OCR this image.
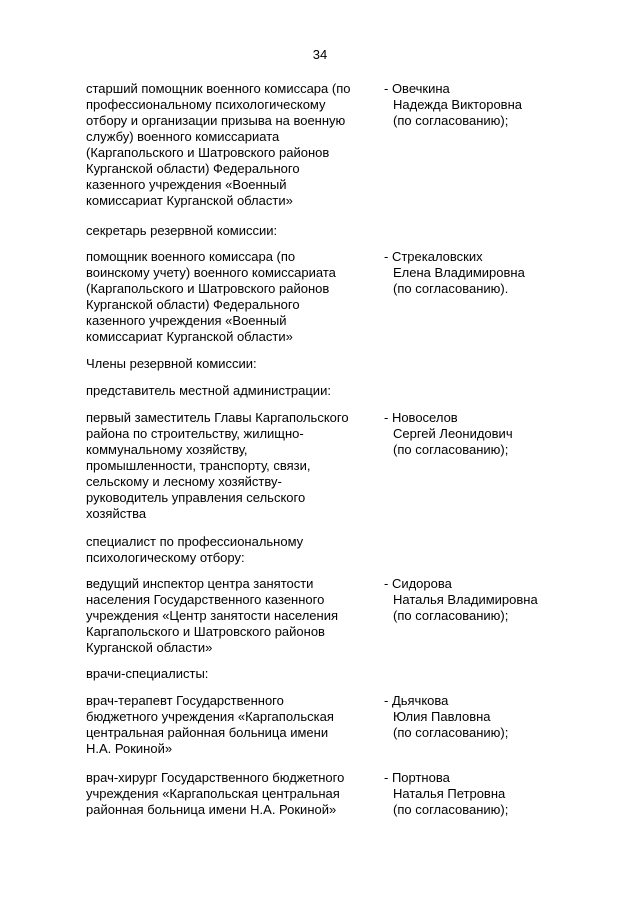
34
старший помощник военного комиссара (по
профессиональному психологическому
отбору и организации призыва на военную
службу) военного комиссариата
(Каргапольского и Шатровского районов
Курганской области) Федерального
казенного учреждения «Военный
комиссариат Курганской области»
- Овечкина
Надежда Викторовна
(по согласованию);
секретарь резервной комиссии:
помощник военного комиссара (по
воинскому учету) военного комиссариата
(Каргапольского и Шатровского районов
Курганской области) Федерального
казенного учреждения «Военный
комиссариат Курганской области»
- Стрекаловских
Елена Владимировна
(по согласованию).
Члены резервной комиссии:
представитель местной администрации:
первый заместитель Главы Каргапольского
района по строительству, жилищно-
коммунальному хозяйству,
промышленности, транспорту, связи,
сельскому и лесному хозяйству-
руководитель управления сельского
хозяйства
- Новоселов
Сергей Леонидович
(по согласованию);
специалист по профессиональному
психологическому отбору:
ведущий инспектор центра занятости
населения Государственного казенного
учреждения «Центр занятости населения
Каргапольского и Шатровского районов
Курганской области»
- Сидорова
Наталья Владимировна
(по согласованию);
врачи-специалисты:
врач-терапевт Государственного
бюджетного учреждения «Каргапольская
центральная районная больница имени
Н.А. Рокиной»
- Дьячкова
Юлия Павловна
(по согласованию);
врач-хирург Государственного бюджетного
учреждения «Каргапольская центральная
районная больница имени Н.А. Рокиной»
- Портнова
Наталья Петровна
(по согласованию);
